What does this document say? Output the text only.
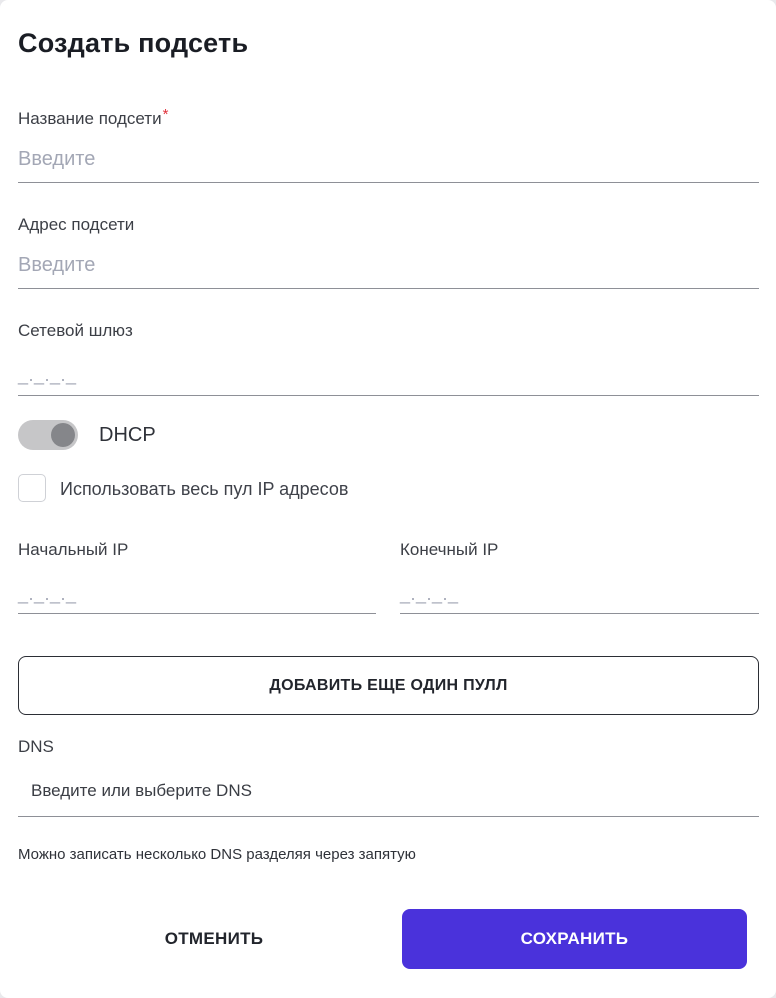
Создать подсеть
Название подсети*
Введите
Адрес подсети
Введите
Сетевой шлюз
_._._._
DHCP
Использовать весь пул IP адресов
Начальный IP
_._._._
Конечный IP
_._._._
ДОБАВИТЬ ЕЩЕ ОДИН ПУЛЛ
DNS
Введите или выберите DNS
Можно записать несколько DNS разделяя через запятую
ОТМЕНИТЬ	СОХРАНИТЬ
